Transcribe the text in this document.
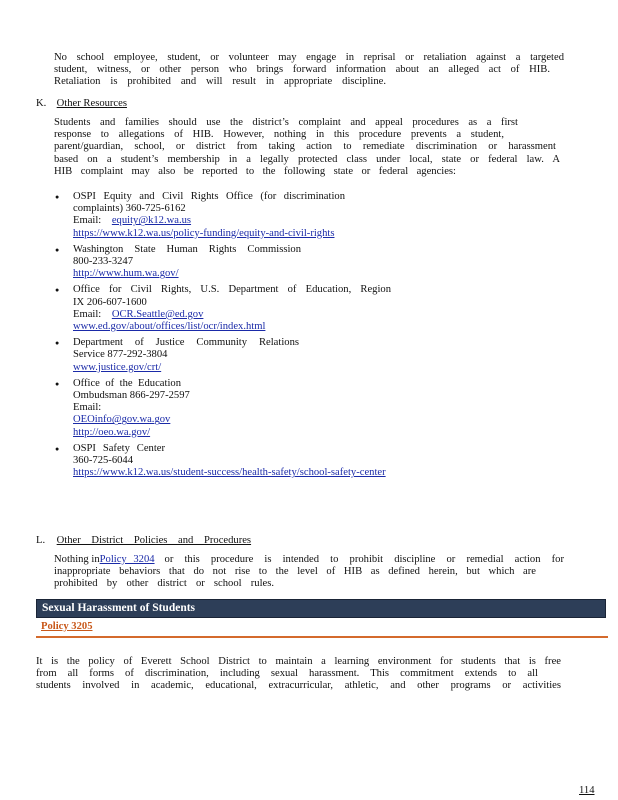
No school employee, student, or volunteer may engage in reprisal or retaliation against a targeted

student, witness, or other person who brings forward information about an alleged act of HIB.

Retaliation is prohibited and will result in appropriate discipline.

K. Other Resources

Students and families should use the district’s complaint and appeal procedures as a first

response to allegations of HIB. However, nothing in this procedure prevents a student,

parent/guardian, school, or district from taking action to remediate discrimination or harassment

based on a student’s membership in a legally protected class under local, state or federal law. A

HIB complaint may also be reported to the following state or federal agencies:

● OSPI Equity and Civil Rights Office (for discrimination
complaints) 360-725-6162
Email: equity@k12.wa.us
https://www.k12.wa.us/policy-funding/equity-and-civil-rights
● Washington State Human Rights Commission
800-233-3247
http://www.hum.wa.gov/
● Office for Civil Rights, U.S. Department of Education, Region
IX 206-607-1600
Email: OCR.Seattle@ed.gov
www.ed.gov/about/offices/list/ocr/index.html
● Department of Justice Community Relations
Service 877-292-3804
www.justice.gov/crt/
● Office of the Education
Ombudsman 866-297-2597
Email:
OEOinfo@gov.wa.gov
http://oeo.wa.gov/
● OSPI Safety Center
360-725-6044
https://www.k12.wa.us/student-success/health-safety/school-safety-center
L. Other District Policies and Procedures

Nothing in Policy 3204 or this procedure is intended to prohibit discipline or remedial action for

inappropriate behaviors that do not rise to the level of HIB as defined herein, but which are

prohibited by other district or school rules.

Sexual Harassment of Students
Policy 3205

It is the policy of Everett School District to maintain a learning environment for students that is free

from all forms of discrimination, including sexual harassment. This commitment extends to all

students involved in academic, educational, extracurricular, athletic, and other programs or activities

114
